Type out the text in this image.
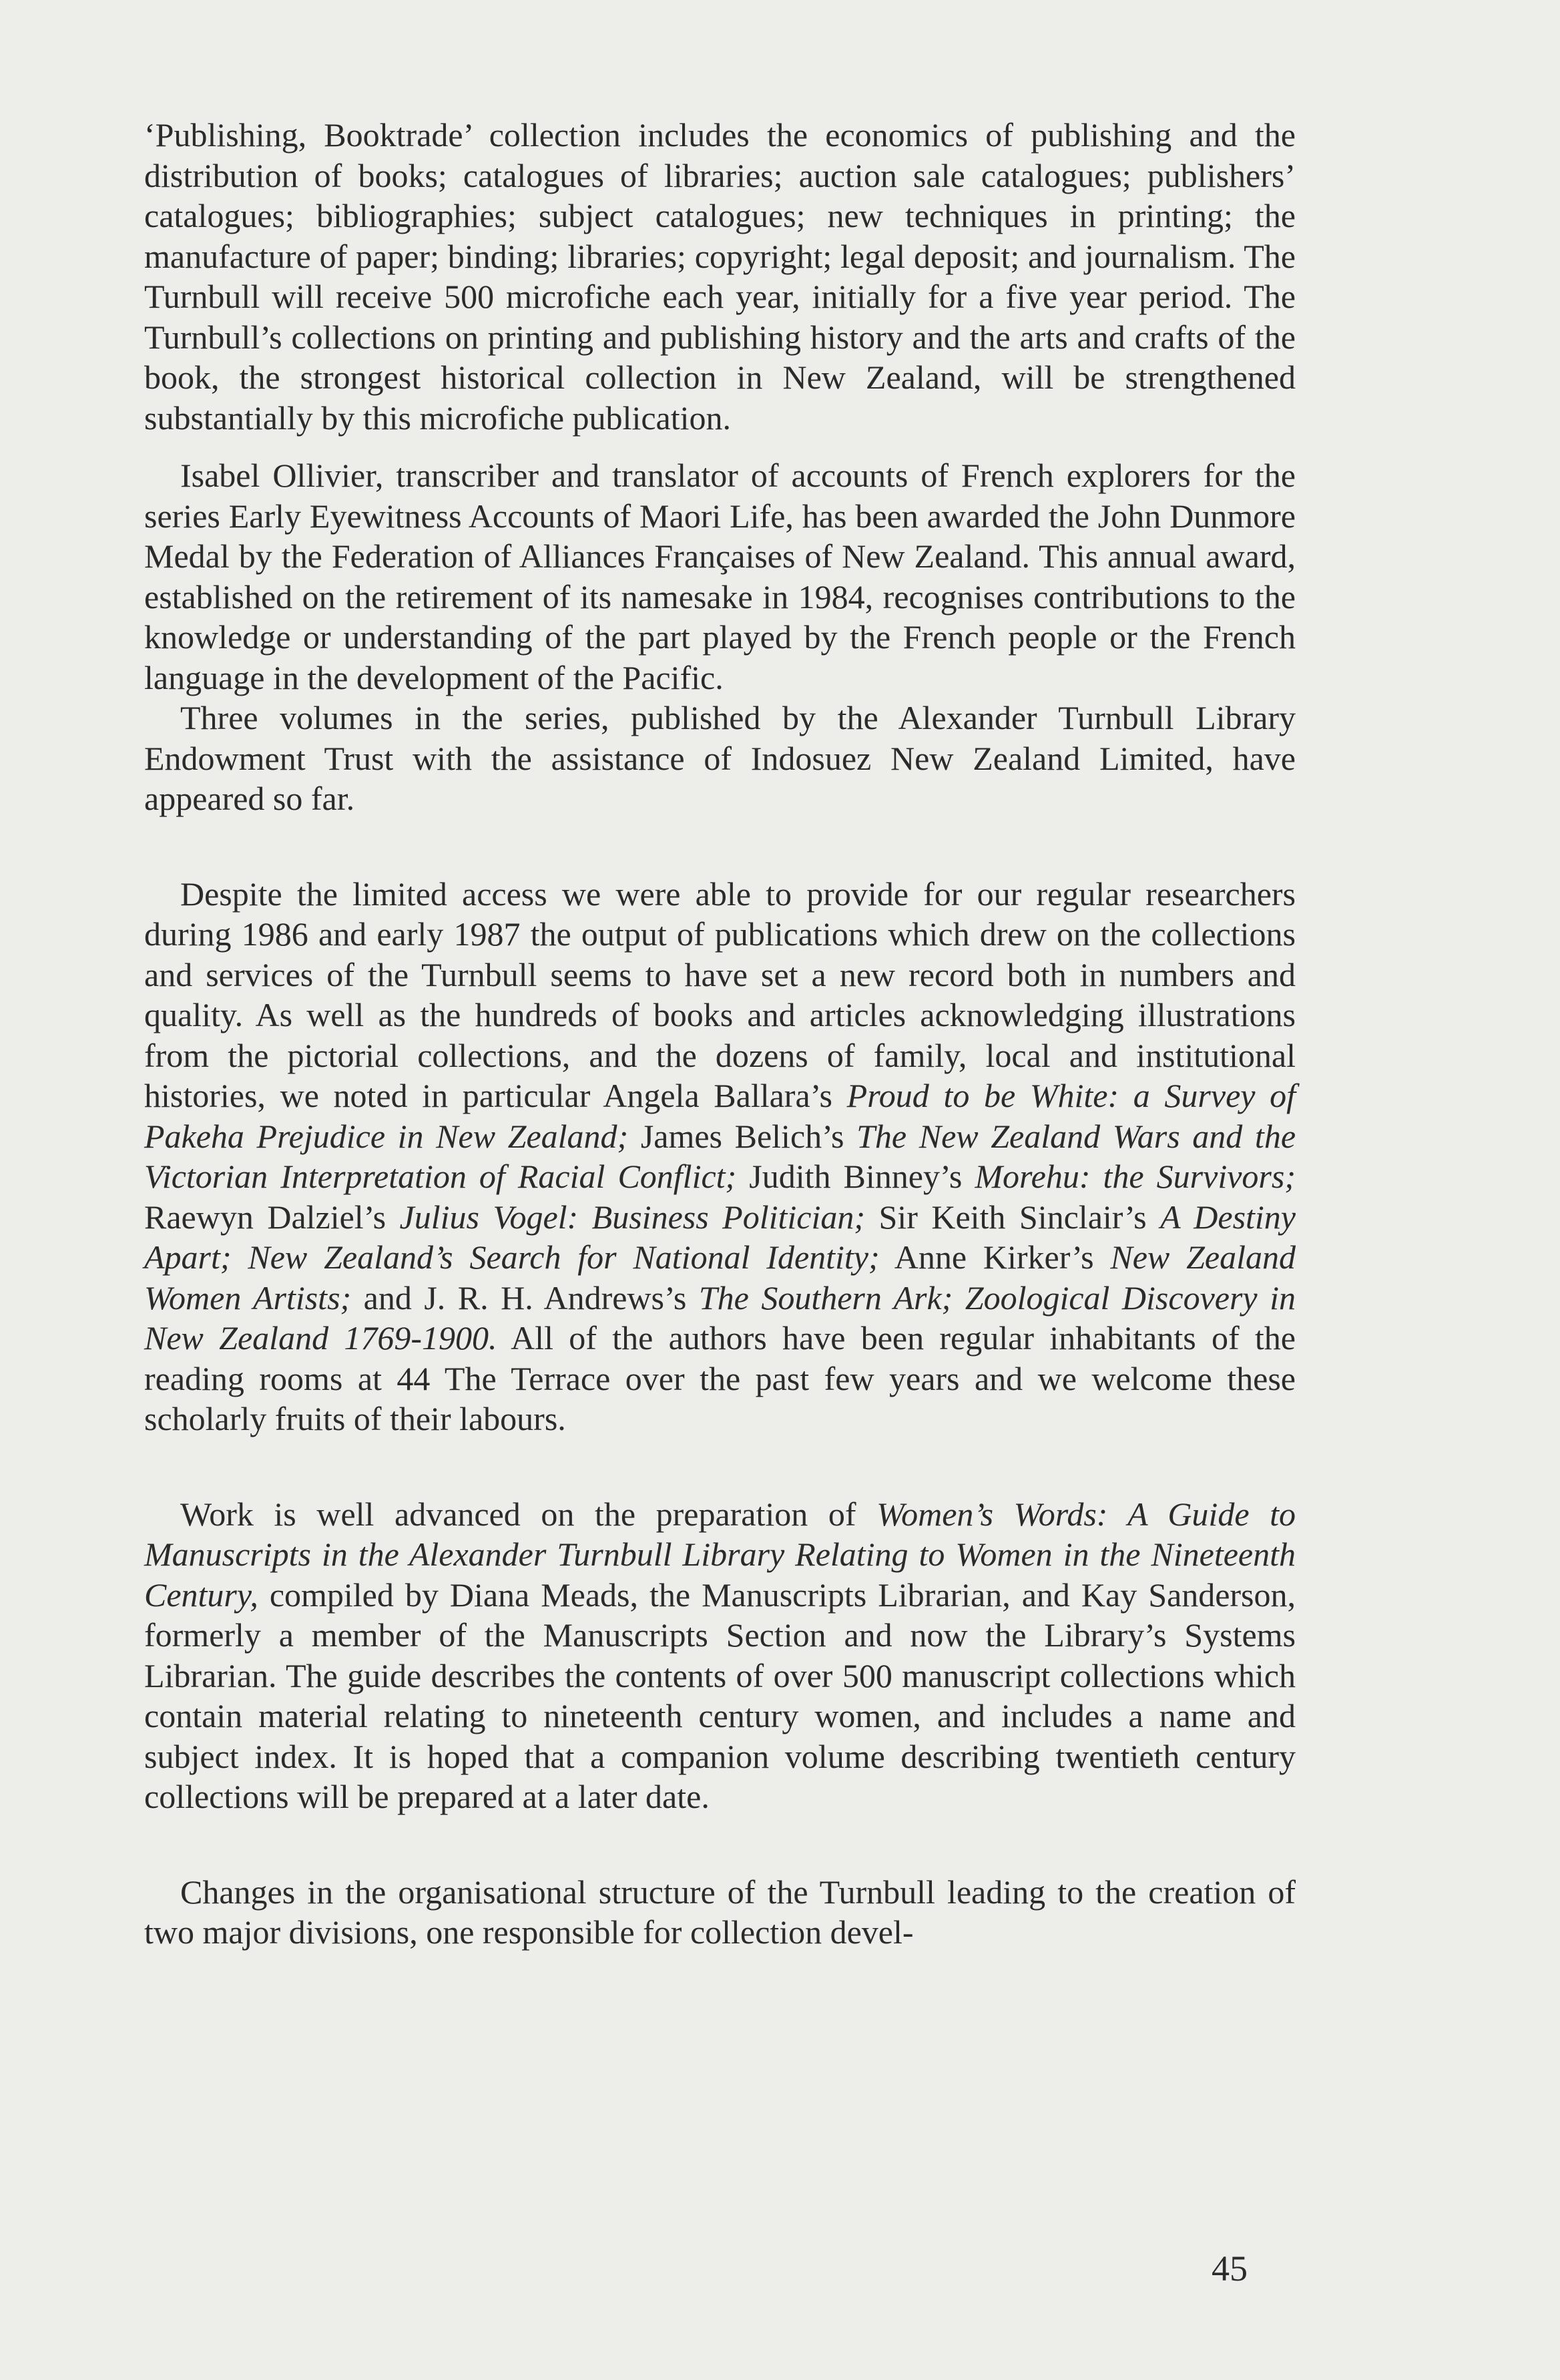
‘Publishing, Booktrade’ collection includes the economics of publishing and the distribution of books; catalogues of libraries; auction sale catalogues; publishers’ catalogues; bibliographies; subject catalogues; new techniques in printing; the manufacture of paper; binding; libraries; copyright; legal deposit; and journalism. The Turnbull will receive 500 microfiche each year, initially for a five year period. The Turnbull’s collections on printing and publishing history and the arts and crafts of the book, the strongest historical collection in New Zealand, will be strengthened substantially by this microfiche publication.

Isabel Ollivier, transcriber and translator of accounts of French explorers for the series Early Eyewitness Accounts of Maori Life, has been awarded the John Dunmore Medal by the Federation of Alliances Françaises of New Zealand. This annual award, established on the retirement of its namesake in 1984, recognises contributions to the knowledge or understanding of the part played by the French people or the French language in the development of the Pacific.

Three volumes in the series, published by the Alexander Turnbull Library Endowment Trust with the assistance of Indosuez New Zealand Limited, have appeared so far.

Despite the limited access we were able to provide for our regular researchers during 1986 and early 1987 the output of publications which drew on the collections and services of the Turnbull seems to have set a new record both in numbers and quality. As well as the hundreds of books and articles acknowledging illustrations from the pictorial collections, and the dozens of family, local and institutional histories, we noted in particular Angela Ballara’s Proud to be White: a Survey of Pakeha Prejudice in New Zealand; James Belich’s The New Zealand Wars and the Victorian Interpretation of Racial Conflict; Judith Binney’s Morehu: the Survivors; Raewyn Dalziel’s Julius Vogel: Business Politician; Sir Keith Sinclair’s A Destiny Apart; New Zealand’s Search for National Identity; Anne Kirker’s New Zealand Women Artists; and J. R. H. Andrews’s The Southern Ark; Zoological Discovery in New Zealand 1769-1900. All of the authors have been regular inhabitants of the reading rooms at 44 The Terrace over the past few years and we welcome these scholarly fruits of their labours.

Work is well advanced on the preparation of Women’s Words: A Guide to Manuscripts in the Alexander Turnbull Library Relating to Women in the Nineteenth Century, compiled by Diana Meads, the Manuscripts Librarian, and Kay Sanderson, formerly a member of the Manuscripts Section and now the Library’s Systems Librarian. The guide describes the contents of over 500 manuscript collections which contain material relating to nineteenth century women, and includes a name and subject index. It is hoped that a companion volume describing twentieth century collections will be prepared at a later date.

Changes in the organisational structure of the Turnbull leading to the creation of two major divisions, one responsible for collection devel-

45
